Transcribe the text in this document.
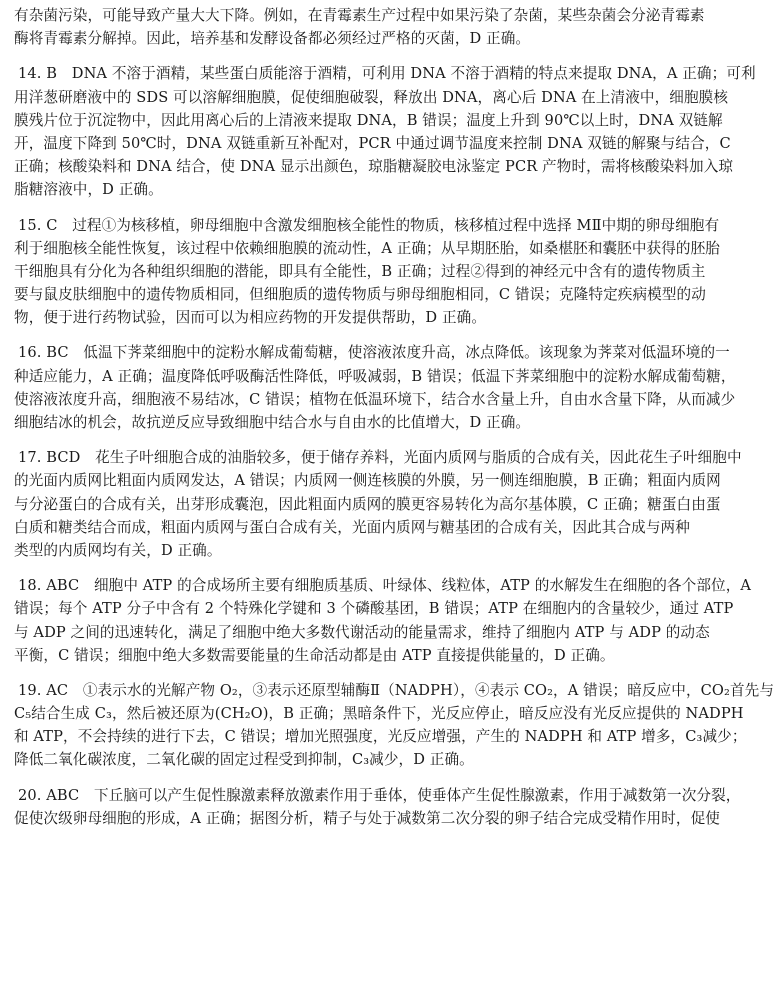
有杂菌污染，可能导致产量大大下降。例如，在青霉素生产过程中如果污染了杂菌，某些杂菌会分泌青霉素
酶将青霉素分解掉。因此，培养基和发酵设备都必须经过严格的灭菌，D 正确。
14. B　DNA 不溶于酒精，某些蛋白质能溶于酒精，可利用 DNA 不溶于酒精的特点来提取 DNA，A 正确；可利
用洋葱研磨液中的 SDS 可以溶解细胞膜，促使细胞破裂，释放出 DNA，离心后 DNA 在上清液中，细胞膜核
膜残片位于沉淀物中，因此用离心后的上清液来提取 DNA，B 错误；温度上升到 90℃以上时，DNA 双链解
开，温度下降到 50℃时，DNA 双链重新互补配对，PCR 中通过调节温度来控制 DNA 双链的解聚与结合，C
正确；核酸染料和 DNA 结合，使 DNA 显示出颜色，琼脂糖凝胶电泳鉴定 PCR 产物时，需将核酸染料加入琼
脂糖溶液中，D 正确。
15. C　过程①为核移植，卵母细胞中含激发细胞核全能性的物质，核移植过程中选择 MⅡ中期的卵母细胞有
利于细胞核全能性恢复，该过程中依赖细胞膜的流动性，A 正确；从早期胚胎，如桑椹胚和囊胚中获得的胚胎
干细胞具有分化为各种组织细胞的潜能，即具有全能性，B 正确；过程②得到的神经元中含有的遗传物质主
要与鼠皮肤细胞中的遗传物质相同，但细胞质的遗传物质与卵母细胞相同，C 错误；克隆特定疾病模型的动
物，便于进行药物试验，因而可以为相应药物的开发提供帮助，D 正确。
16. BC　低温下荠菜细胞中的淀粉水解成葡萄糖，使溶液浓度升高，冰点降低。该现象为荠菜对低温环境的一
种适应能力，A 正确；温度降低呼吸酶活性降低，呼吸减弱，B 错误；低温下荠菜细胞中的淀粉水解成葡萄糖，
使溶液浓度升高，细胞液不易结冰，C 错误；植物在低温环境下，结合水含量上升，自由水含量下降，从而减少
细胞结冰的机会，故抗逆反应导致细胞中结合水与自由水的比值增大，D 正确。
17. BCD　花生子叶细胞合成的油脂较多，便于储存养料，光面内质网与脂质的合成有关，因此花生子叶细胞中
的光面内质网比粗面内质网发达，A 错误；内质网一侧连核膜的外膜，另一侧连细胞膜，B 正确；粗面内质网
与分泌蛋白的合成有关，出芽形成囊泡，因此粗面内质网的膜更容易转化为高尔基体膜，C 正确；糖蛋白由蛋
白质和糖类结合而成，粗面内质网与蛋白合成有关，光面内质网与糖基团的合成有关，因此其合成与两种
类型的内质网均有关，D 正确。
18. ABC　细胞中 ATP 的合成场所主要有细胞质基质、叶绿体、线粒体，ATP 的水解发生在细胞的各个部位，A
错误；每个 ATP 分子中含有 2 个特殊化学键和 3 个磷酸基团，B 错误；ATP 在细胞内的含量较少，通过 ATP
与 ADP 之间的迅速转化，满足了细胞中绝大多数代谢活动的能量需求，维持了细胞内 ATP 与 ADP 的动态
平衡，C 错误；细胞中绝大多数需要能量的生命活动都是由 ATP 直接提供能量的，D 正确。
19. AC　①表示水的光解产物 O₂，③表示还原型辅酶Ⅱ（NADPH），④表示 CO₂，A 错误；暗反应中，CO₂首先与
C₅结合生成 C₃，然后被还原为(CH₂O)，B 正确；黑暗条件下，光反应停止，暗反应没有光反应提供的 NADPH
和 ATP，不会持续的进行下去，C 错误；增加光照强度，光反应增强，产生的 NADPH 和 ATP 增多，C₃减少；
降低二氧化碳浓度，二氧化碳的固定过程受到抑制，C₃减少，D 正确。
20. ABC　下丘脑可以产生促性腺激素释放激素作用于垂体，使垂体产生促性腺激素，作用于减数第一次分裂，
促使次级卵母细胞的形成，A 正确；据图分析，精子与处于减数第二次分裂的卵子结合完成受精作用时，促使
